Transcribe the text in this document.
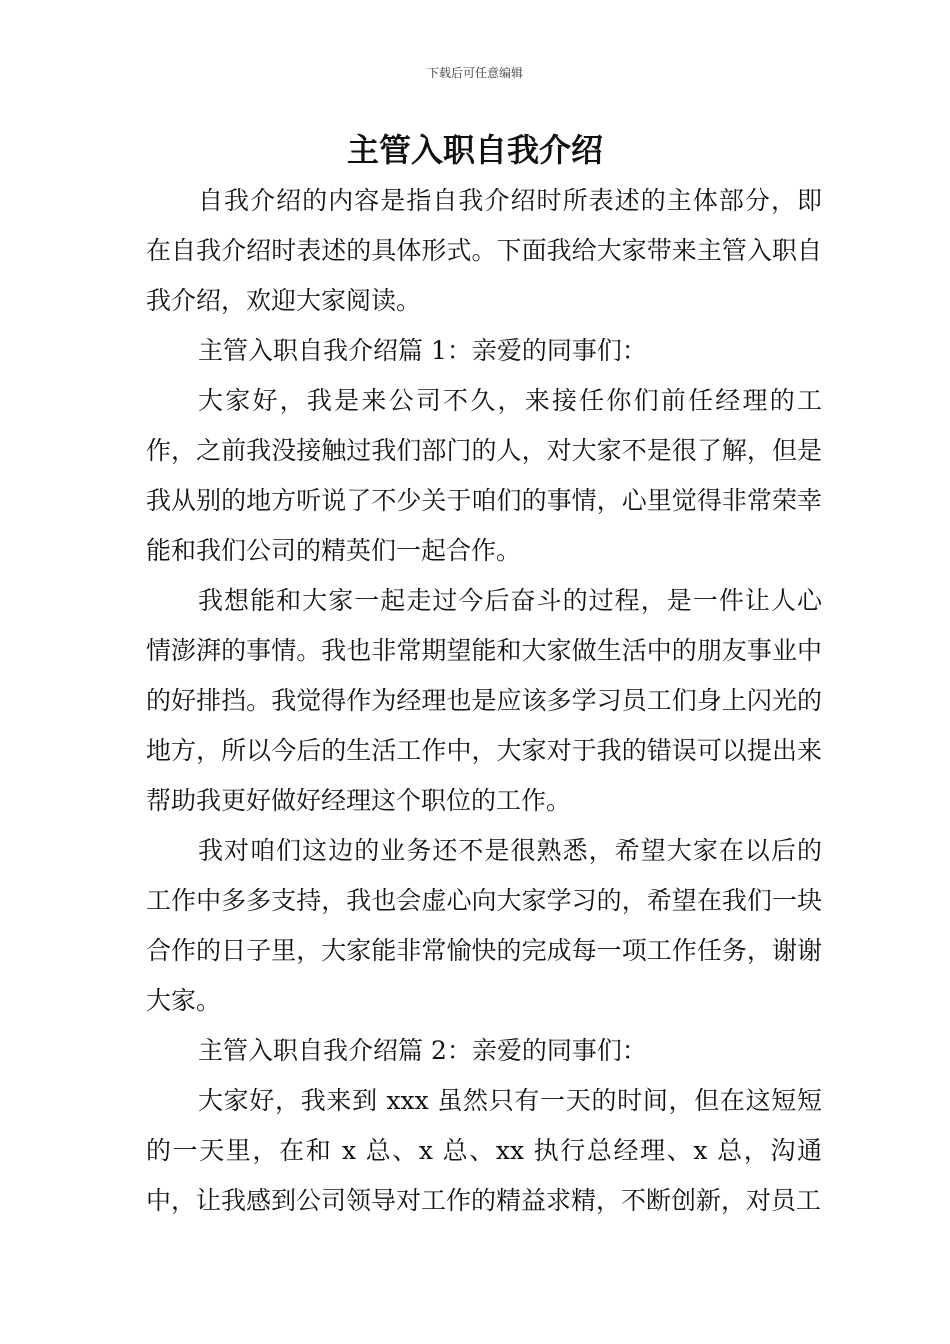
下载后可任意编辑
主管入职自我介绍

自我介绍的内容是指自我介绍时所表述的主体部分，即在自我介绍时表述的具体形式。下面我给大家带来主管入职自我介绍，欢迎大家阅读。

主管入职自我介绍篇 1：亲爱的同事们：

大家好，我是来公司不久，来接任你们前任经理的工作，之前我没接触过我们部门的人，对大家不是很了解，但是我从别的地方听说了不少关于咱们的事情，心里觉得非常荣幸能和我们公司的精英们一起合作。

我想能和大家一起走过今后奋斗的过程，是一件让人心情澎湃的事情。我也非常期望能和大家做生活中的朋友事业中的好排挡。我觉得作为经理也是应该多学习员工们身上闪光的地方，所以今后的生活工作中，大家对于我的错误可以提出来帮助我更好做好经理这个职位的工作。

我对咱们这边的业务还不是很熟悉，希望大家在以后的工作中多多支持，我也会虚心向大家学习的，希望在我们一块合作的日子里，大家能非常愉快的完成每一项工作任务，谢谢大家。

主管入职自我介绍篇 2：亲爱的同事们：

大家好，我来到 xxx 虽然只有一天的时间，但在这短短的一天里，在和 x 总、x 总、xx 执行总经理、x 总，沟通中，让我感到公司领导对工作的精益求精，不断创新，对员工
